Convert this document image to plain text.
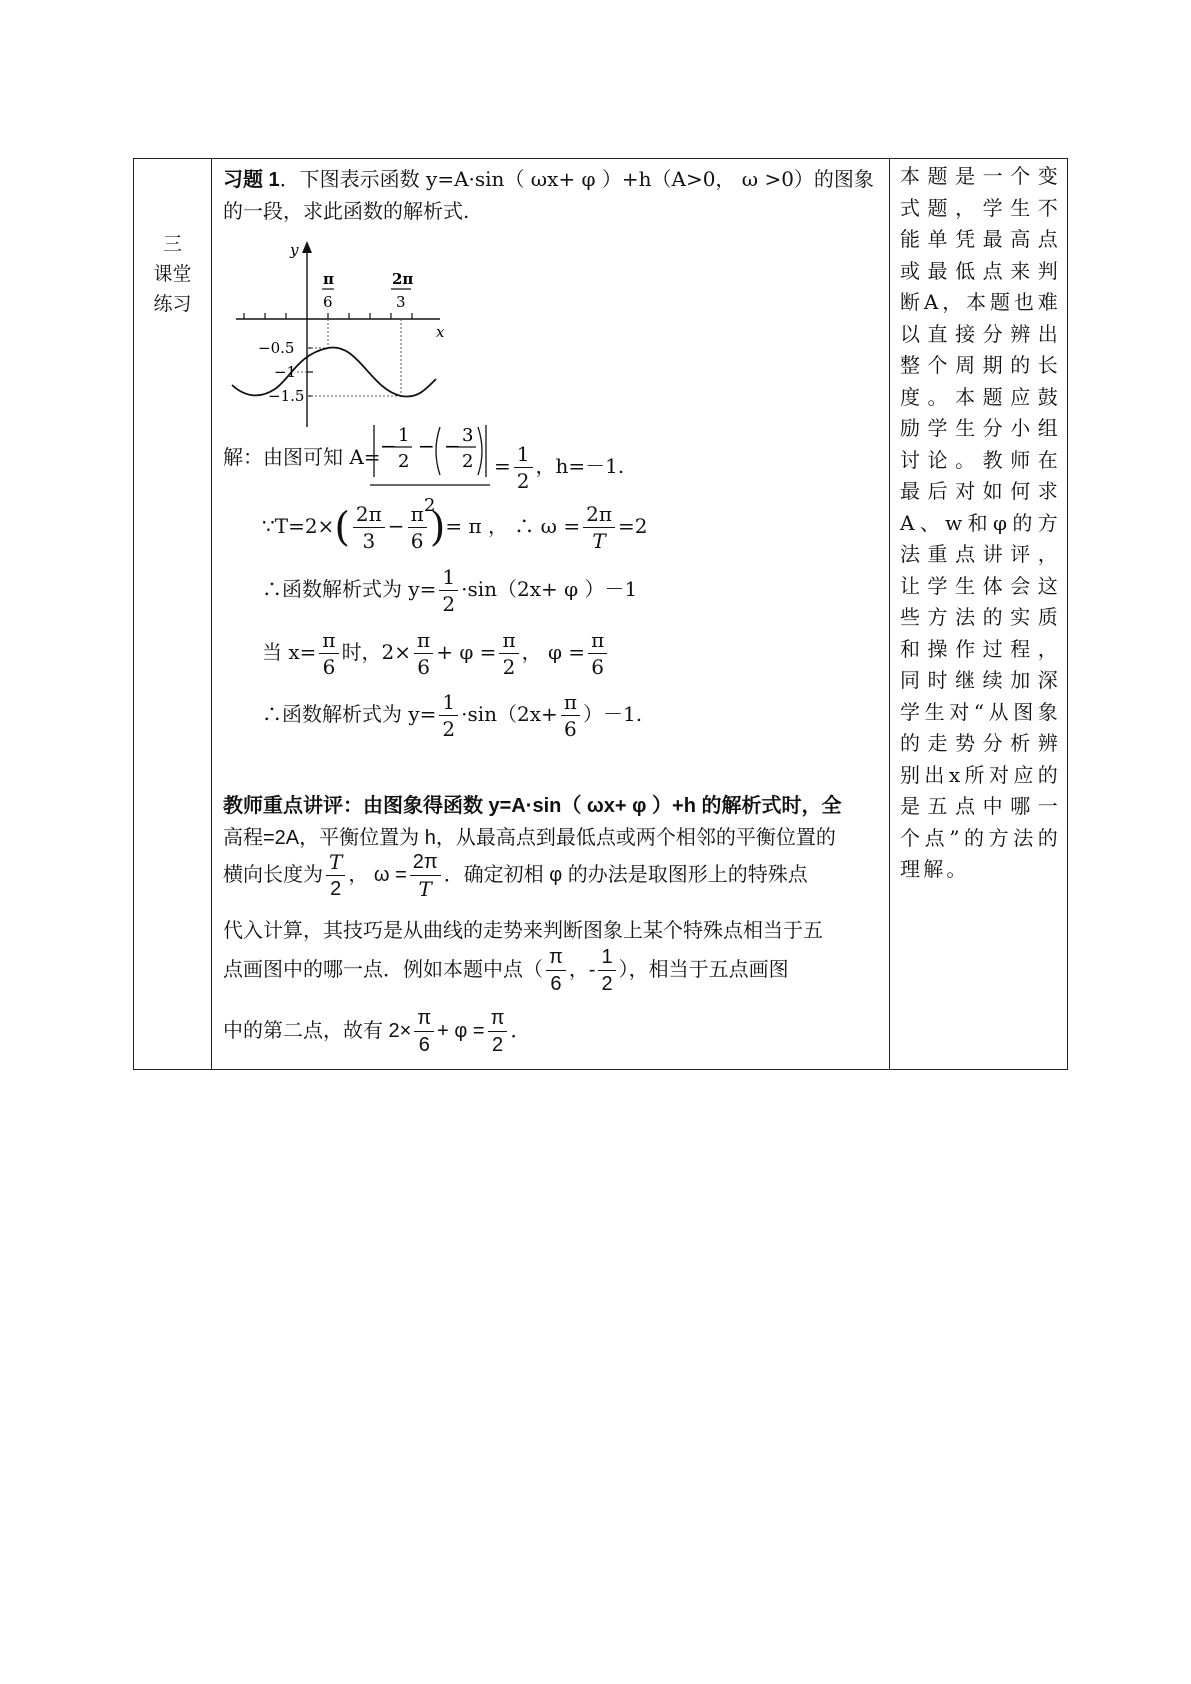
三
课堂练习

习题 1．下图表示函数 y=A·sin（ ωx+ φ ）+h（A>0， ω >0）的图象
的一段，求此函数的解析式.
y
x
π
6
2π
3
−0.5
−1
−1.5
解：由图可知 A= − 1
2
− − 3
2
2
= $\frac{1}{2}$ ，h=－1.
∵T=2×( $\frac{2\pi}{3} - \frac{\pi}{6}$ )= π ， ∴ $\omega = \frac{2\pi}{T} =2$
∴函数解析式为 $y= \frac{1}{2} \cdot\sin(2x+ \varphi$ ）－1
当 $x= \frac{\pi}{6}$ 时，$2\times \frac{\pi}{6} + \varphi = \frac{\pi}{2}$ ， $\varphi = \frac{\pi}{6}$
∴函数解析式为 $y= \frac{1}{2} \cdot\sin(2x+ \frac{\pi}{6} )-1$.
教师重点讲评：由图象得函数 y=A·sin（ ωx+ φ ）+h 的解析式时，全
高程=2A，平衡位置为 h，从最高点到最低点或两个相邻的平衡位置的
横向长度为 $\frac{T}{2}$ ， $\omega = \frac{2\pi}{T}$ ．确定初相 φ 的办法是取图形上的特殊点
代入计算，其技巧是从曲线的走势来判断图象上某个特殊点相当于五
点画图中的哪一点．例如本题中点（ $\frac{\pi}{6}$ ，- $\frac{1}{2}$ ），相当于五点画图
中的第二点，故有 $2\times \frac{\pi}{6} + \varphi = \frac{\pi}{2}$ ．

本题是一个变式题，学生不能单凭最高点或最低点来判断A，本题也难以直接分辨出整个周期的长度。本题应鼓励学生分小组讨论。教师在最后对如何求A、w和φ的方法重点讲评，让学生体会这些方法的实质和操作过程，同时继续加深学生对“从图象的走势分析辨别出x所对应的是五点中哪一个点”的方法的理解。
